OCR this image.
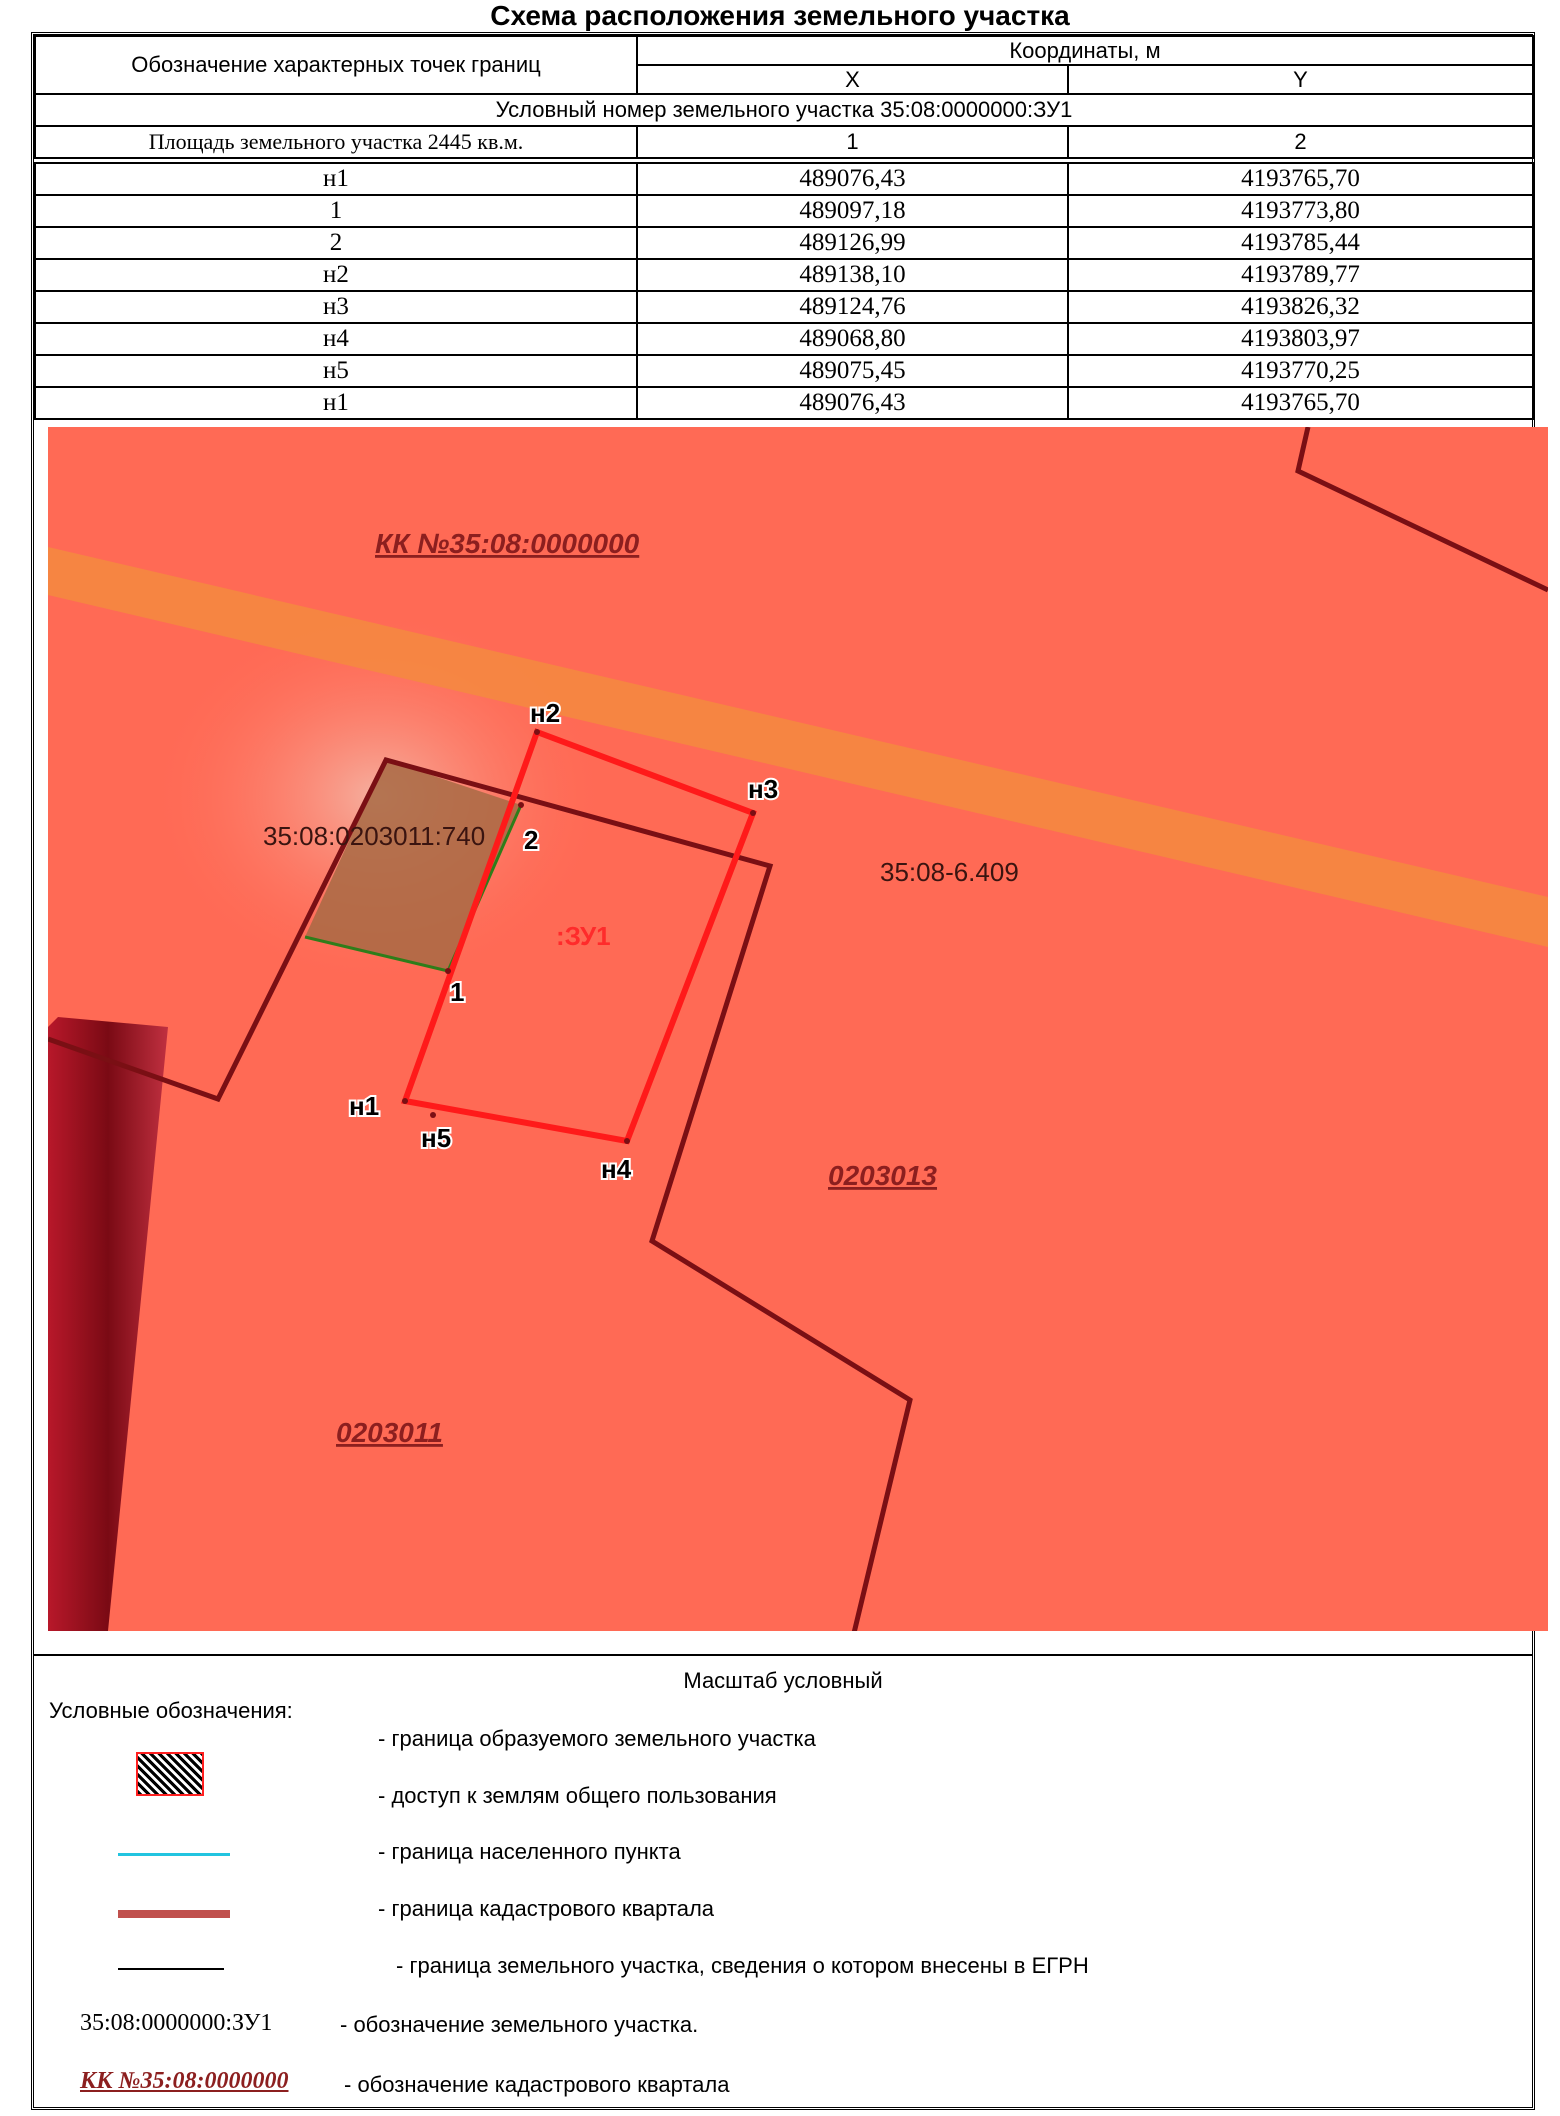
Схема расположения земельного участка
Обозначение характерных точек границ	Координаты, м	
	X	Y
Условный номер земельного участка 35:08:0000000:ЗУ1		
Площадь земельного участка 2445 кв.м.	1	2

н1	489076,43	4193765,70
1	489097,18	4193773,80
2	489126,99	4193785,44
н2	489138,10	4193789,77
н3	489124,76	4193826,32
н4	489068,80	4193803,97
н5	489075,45	4193770,25
н1	489076,43	4193765,70
КК №35:08:0000000
35:08:0203011:740
35:08-6.409
:ЗУ1
0203013
0203011
н2
н3
2
1
н1
н5
н4
Масштаб условный
Условные обозначения:
- граница образуемого земельного участка
- доступ к землям общего пользования
- граница населенного пункта
- граница кадастрового квартала
- граница земельного участка, сведения о котором внесены в ЕГРН
35:08:0000000:ЗУ1	- обозначение земельного участка.
КК №35:08:0000000	- обозначение кадастрового квартала
